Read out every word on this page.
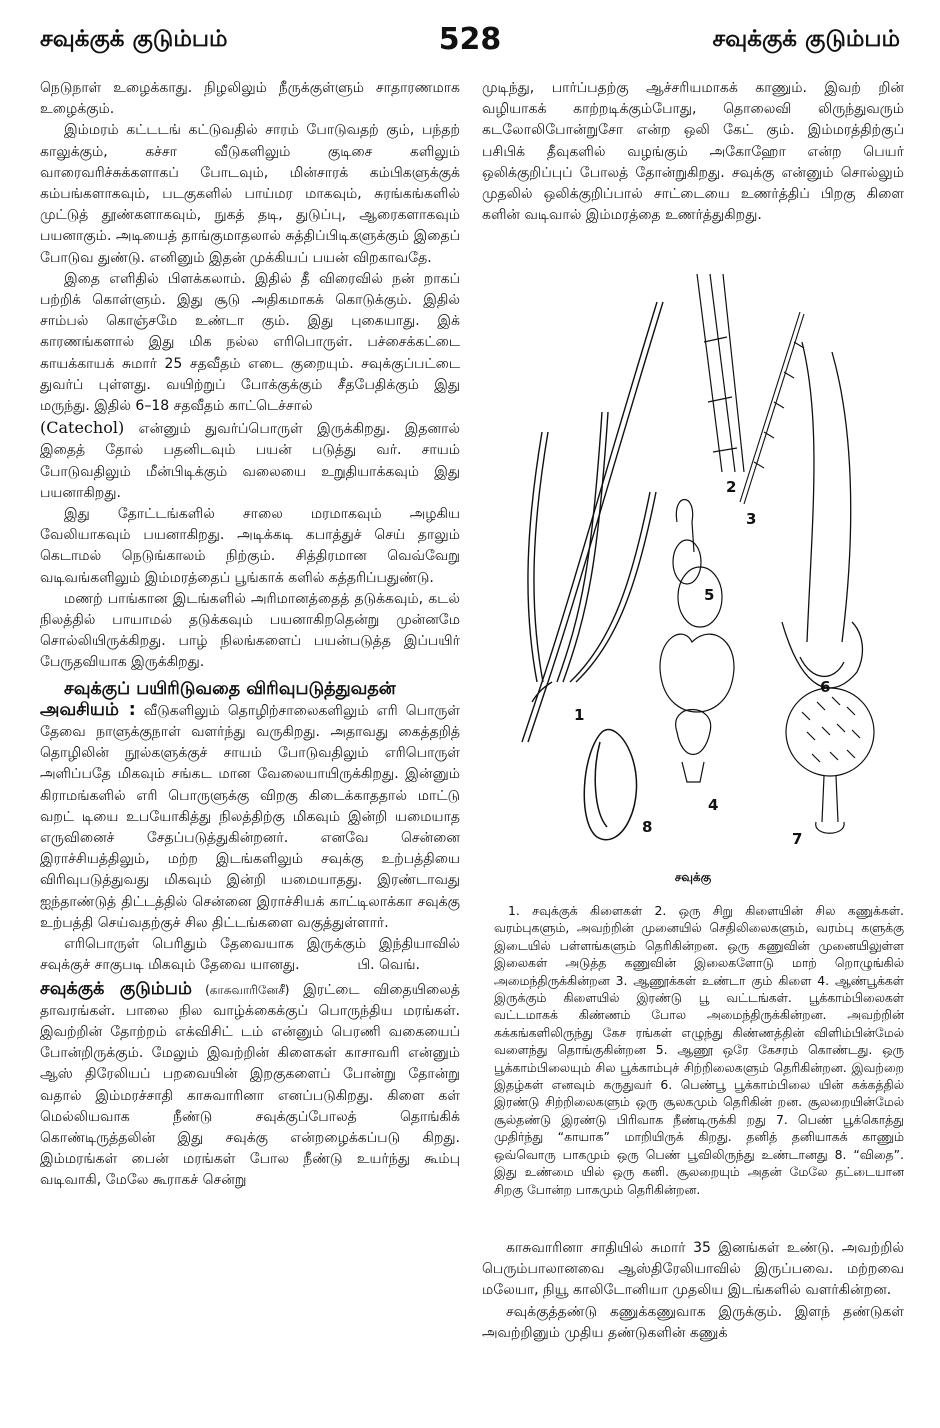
சவுக்குக் குடும்பம்	528	சவுக்குக் குடும்பம்

நெடுநாள் உழைக்காது. நிழலிலும் நீருக்குள்ளும் சாதாரணமாக உழைக்கும்.

இம்மரம் கட்டடங் கட்டுவதில் சாரம் போடுவதற் கும், பந்தற் காலுக்கும், கச்சா வீடுகளிலும் குடிசை களிலும் வாரைவரிச்சுக்களாகப் போடவும், மின்சாரக் கம்பிகளுக்குக் கம்பங்களாகவும், படகுகளில் பாய்மர மாகவும், சுரங்கங்களில் முட்டுத் தூண்களாகவும், நுகத் தடி, துடுப்பு, ஆரைகளாகவும் பயனாகும். அடியைத் தாங்குமாதலால் சுத்திப்பிடிகளுக்கும் இதைப் போடுவ துண்டு. எனினும் இதன் முக்கியப் பயன் விறகாவதே.

இதை எளிதில் பிளக்கலாம். இதில் தீ விரைவில் நன் றாகப் பற்றிக் கொள்ளும். இது சூடு அதிகமாகக் கொடுக்கும். இதில் சாம்பல் கொஞ்சமே உண்டா கும். இது புகையாது. இக் காரணங்களால் இது மிக நல்ல எரிபொருள். பச்சைக்கட்டை காயக்காயக் சுமார் 25 சதவீதம் எடை குறையும். சவுக்குப்பட்டை துவர்ப் புள்ளது. வயிற்றுப் போக்குக்கும் சீதபேதிக்கும் இது மருந்து. இதில் 6–18 சதவீதம் காட்டெச்சால்
(Catechol) என்னும் துவர்ப்பொருள் இருக்கிறது. இதனால் இதைத் தோல் பதனிடவும் பயன் படுத்து வர். சாயம் போடுவதிலும் மீன்பிடிக்கும் வலையை உறுதியாக்கவும் இது பயனாகிறது.

இது தோட்டங்களில் சாலை மரமாகவும் அழகிய வேலியாகவும் பயனாகிறது. அடிக்கடி கபாத்துச் செய் தாலும் கெடாமல் நெடுங்காலம் நிற்கும். சித்திரமான வெவ்வேறு வடிவங்களிலும் இம்மரத்தைப் பூங்காக் களில் கத்தரிப்பதுண்டு.

மணற் பாங்கான இடங்களில் அரிமானத்தைத் தடுக்கவும், கடல் நிலத்தில் பாயாமல் தடுக்கவும் பயனாகிறதென்று முன்னமே சொல்லியிருக்கிறது. பாழ் நிலங்களைப் பயன்படுத்த இப்பயிர் பேருதவியாக இருக்கிறது.

சவுக்குப் பயிரிடுவதை விரிவுபடுத்துவதன்

அவசியம் : வீடுகளிலும் தொழிற்சாலைகளிலும் எரி பொருள் தேவை நாளுக்குநாள் வளர்ந்து வருகிறது. அதாவது கைத்தறித் தொழிலின் நூல்களுக்குச் சாயம் போடுவதிலும் எரிபொருள் அளிப்பதே மிகவும் சங்கட மான வேலையாயிருக்கிறது. இன்னும் கிராமங்களில் எரி பொருளுக்கு விறகு கிடைக்காததால் மாட்டு வறட் டியை உபயோகித்து நிலத்திற்கு மிகவும் இன்றி யமையாத எருவினைச் சேதப்படுத்துகின்றனர். எனவே சென்னை இராச்சியத்திலும், மற்ற இடங்களிலும் சவுக்கு உற்பத்தியை விரிவுபடுத்துவது மிகவும் இன்றி யமையாதது. இரண்டாவது ஐந்தாண்டுத் திட்டத்தில் சென்னை இராச்சியக் காட்டிலாக்கா சவுக்கு உற்பத்தி செய்வதற்குச் சில திட்டங்களை வகுத்துள்ளார்.

எரிபொருள் பெரிதும் தேவையாக இருக்கும் இந்தியாவில் சவுக்குச் சாகுபடி மிகவும் தேவை யானது.	பி. வெங்.

சவுக்குக் குடும்பம் (காசுவாரினேசீ) இரட்டை விதையிலைத் தாவரங்கள். பாலை நில வாழ்க்கைக்குப் பொருந்திய மரங்கள். இவற்றின் தோற்றம் எக்விசிட் டம் என்னும் பெரணி வகையைப் போன்றிருக்கும். மேலும் இவற்றின் கிளைகள் காசாவரி என்னும் ஆஸ் திரேலியப் பறவையின் இறகுகளைப் போன்று தோன்று வதால் இம்மரச்சாதி காசுவாரினா எனப்படுகிறது. கிளை கள் மெல்லியவாக நீண்டு சவுக்குப்போலத் தொங்கிக் கொண்டிருத்தலின் இது சவுக்கு என்றழைக்கப்படு கிறது. இம்மரங்கள் பைன் மரங்கள் போல நீண்டு உயர்ந்து கூம்பு வடிவாகி, மேலே கூராகச் சென்று

முடிந்து, பார்ப்பதற்கு ஆச்சரியமாகக் காணும். இவற் றின் வழியாகக் காற்றடிக்கும்போது, தொலைவி லிருந்துவரும் கடலோலிபோன்றுசோ என்ற ஒலி கேட் கும். இம்மரத்திற்குப் பசிபிக் தீவுகளில் வழங்கும் அகோஹோ என்ற பெயர் ஒலிக்குறிப்புப் போலத் தோன்றுகிறது. சவுக்கு என்னும் சொல்லும் முதலில் ஒலிக்குறிப்பால் சாட்டையை உணர்த்திப் பிறகு கிளை களின் வடிவால் இம்மரத்தை உணர்த்துகிறது.

1
2
3
4
5
6
7
8
சவுக்கு

1. சவுக்குக் கிளைகள் 2. ஒரு சிறு கிளையின் சில கணுக்கள். வரம்புகளும், அவற்றின் முனையில் செதிலிலைகளும், வரம்பு களுக்கு இடையில் பள்ளங்களும் தெரிகின்றன. ஒரு கணுவின் முனையிலுள்ள இலைகள் அடுத்த கணுவின் இலைகளோடு மாற் றொழுங்கில் அமைந்திருக்கின்றன 3. ஆணூக்கள் உண்டா கும் கிளை 4. ஆண்பூக்கள் இருக்கும் கிளையில் இரண்டு பூ வட்டங்கள். பூக்காம்பிலைகள் வட்டமாகக் கிண்ணம் போல அமைந்திருக்கின்றன. அவற்றின் கக்கங்களிலிருந்து கேச ரங்கள் எழுந்து கிண்ணத்தின் விளிம்பின்மேல் வளைந்து தொங்குகின்றன 5. ஆணூ ஒரே கேசரம் கொண்டது. ஒரு பூக்காம்பிலையும் சில பூக்காம்புச் சிற்றிலைகளும் தெரிகின்றன. இவற்றை இதழ்கள் எனவும் கருதுவர் 6. பெண்பூ பூக்காம்பிலை யின் கக்கத்தில் இரண்டு சிற்றிலைகளும் ஒரு சூலகமும் தெரிகின் றன. சூலறையின்மேல் சூல்தண்டு இரண்டு பிரிவாக நீண்டிருக்கி றது 7. பெண் பூக்கொத்து முதிர்ந்து “காயாக” மாறியிருக் கிறது. தனித் தனியாகக் காணும் ஒவ்வொரு பாகமும் ஒரு பெண் பூவிலிருந்து உண்டானது 8. “விதை”. இது உண்மை யில் ஒரு கனி. சூலறையும் அதன் மேலே தட்டையான சிறகு போன்ற பாகமும் தெரிகின்றன.

காசுவாரினா சாதியில் சுமார் 35 இனங்கள் உண்டு. அவற்றில் பெரும்பாலானவை ஆஸ்திரேலியாவில் இருப்பவை. மற்றவை மலேயா, நியூ காலிடோனியா முதலிய இடங்களில் வளர்கின்றன.

சவுக்குத்தண்டு கணுக்கணுவாக இருக்கும். இளந் தண்டுகள் அவற்றினும் முதிய தண்டுகளின் கணுக்
